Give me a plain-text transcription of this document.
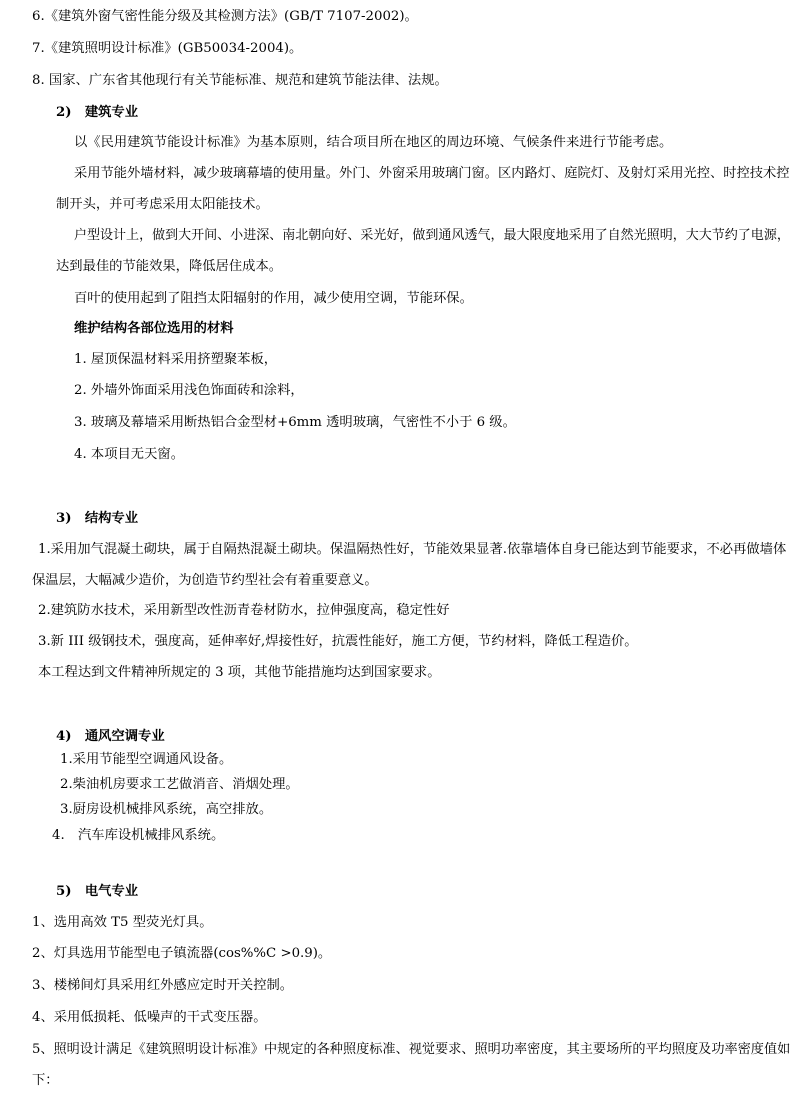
6.《建筑外窗气密性能分级及其检测方法》(GB/T 7107-2002)。
7.《建筑照明设计标准》(GB50034-2004)。
8. 国家、广东省其他现行有关节能标准、规范和建筑节能法律、法规。
2)　建筑专业
以《民用建筑节能设计标准》为基本原则，结合项目所在地区的周边环境、气候条件来进行节能考虑。
采用节能外墙材料，减少玻璃幕墙的使用量。外门、外窗采用玻璃门窗。区内路灯、庭院灯、及射灯采用光控、时控技术控
制开头，并可考虑采用太阳能技术。
户型设计上，做到大开间、小进深、南北朝向好、采光好，做到通风透气，最大限度地采用了自然光照明，大大节约了电源，
达到最佳的节能效果，降低居住成本。
百叶的使用起到了阻挡太阳辐射的作用，减少使用空调，节能环保。
维护结构各部位选用的材料
1. 屋顶保温材料采用挤塑聚苯板，
2. 外墙外饰面采用浅色饰面砖和涂料，
3. 玻璃及幕墙采用断热铝合金型材+6mm 透明玻璃，气密性不小于 6 级。
4. 本项目无天窗。
3)　结构专业
1.采用加气混凝土砌块，属于自隔热混凝土砌块。保温隔热性好，节能效果显著.依靠墙体自身已能达到节能要求，不必再做墙体
保温层，大幅减少造价，为创造节约型社会有着重要意义。
2.建筑防水技术，采用新型改性沥青卷材防水，拉伸强度高，稳定性好
3.新 III 级钢技术，强度高，延伸率好,焊接性好，抗震性能好，施工方便，节约材料，降低工程造价。
本工程达到文件精神所规定的 3 项，其他节能措施均达到国家要求。
4)　通风空调专业
1.采用节能型空调通风设备。
2.柴油机房要求工艺做消音、消烟处理。
3.厨房设机械排风系统，高空排放。
4.　汽车库设机械排风系统。
5)　电气专业
1、选用高效 T5 型荧光灯具。
2、灯具选用节能型电子镇流器(cos%%C >0.9)。
3、楼梯间灯具采用红外感应定时开关控制。
4、采用低损耗、低噪声的干式变压器。
5、照明设计满足《建筑照明设计标准》中规定的各种照度标准、视觉要求、照明功率密度，其主要场所的平均照度及功率密度值如
下：
